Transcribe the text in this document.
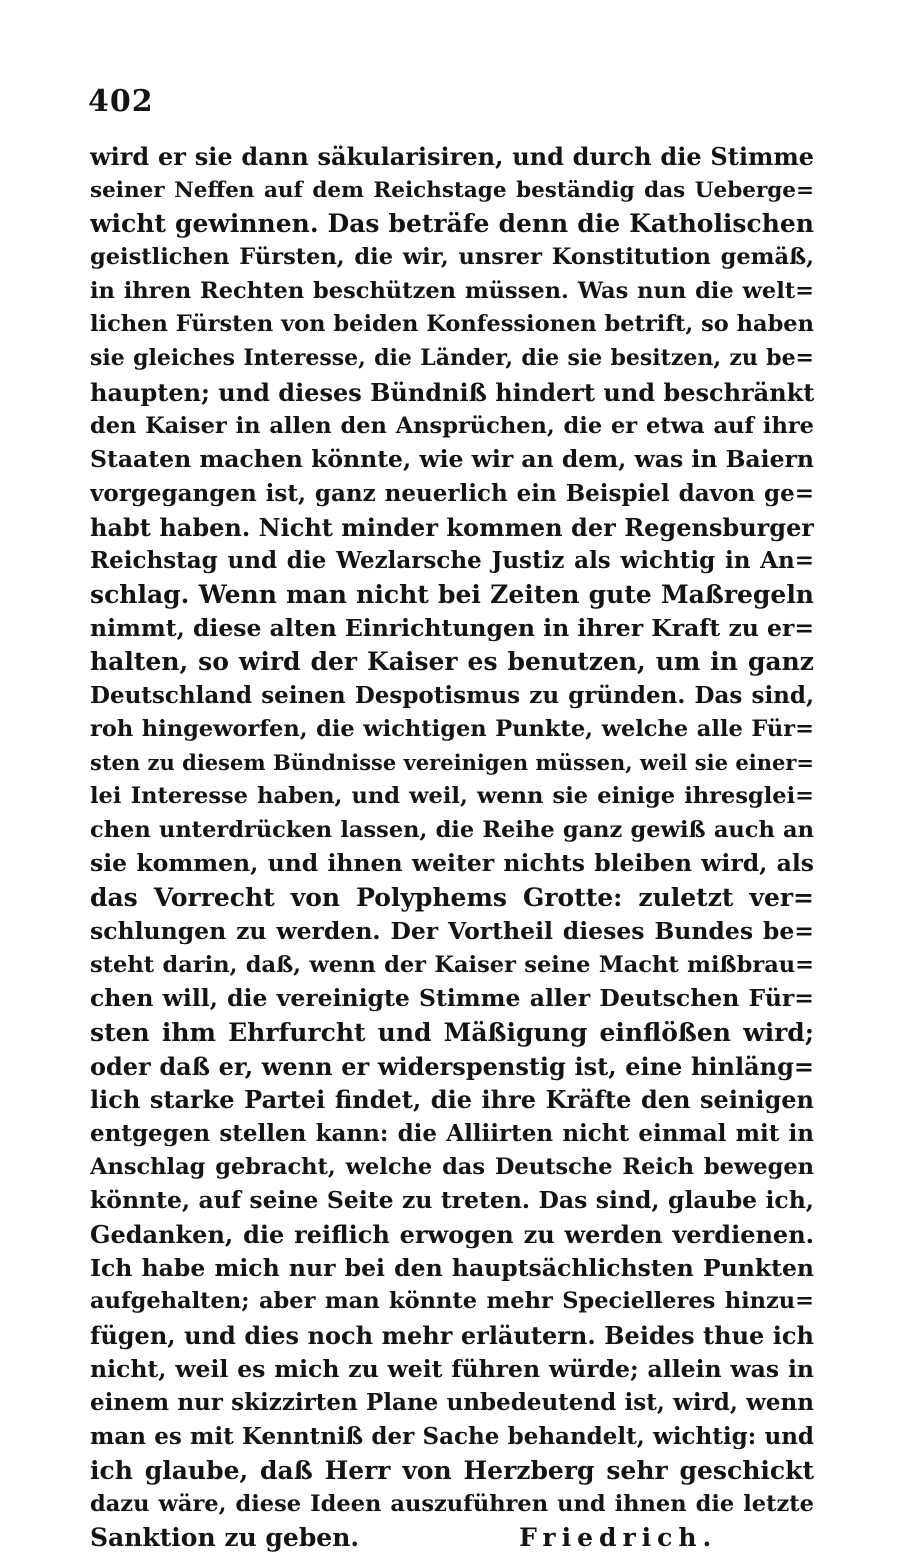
402
wird er sie dann säkularisiren, und durch die Stimme
seiner Neffen auf dem Reichstage beständig das Ueberge=
wicht gewinnen. Das beträfe denn die Katholischen
geistlichen Fürsten, die wir, unsrer Konstitution gemäß,
in ihren Rechten beschützen müssen. Was nun die welt=
lichen Fürsten von beiden Konfessionen betrift, so haben
sie gleiches Interesse, die Länder, die sie besitzen, zu be=
haupten; und dieses Bündniß hindert und beschränkt
den Kaiser in allen den Ansprüchen, die er etwa auf ihre
Staaten machen könnte, wie wir an dem, was in Baiern
vorgegangen ist, ganz neuerlich ein Beispiel davon ge=
habt haben. Nicht minder kommen der Regensburger
Reichstag und die Wezlarsche Justiz als wichtig in An=
schlag. Wenn man nicht bei Zeiten gute Maßregeln
nimmt, diese alten Einrichtungen in ihrer Kraft zu er=
halten, so wird der Kaiser es benutzen, um in ganz
Deutschland seinen Despotismus zu gründen. Das sind,
roh hingeworfen, die wichtigen Punkte, welche alle Für=
sten zu diesem Bündnisse vereinigen müssen, weil sie einer=
lei Interesse haben, und weil, wenn sie einige ihresglei=
chen unterdrücken lassen, die Reihe ganz gewiß auch an
sie kommen, und ihnen weiter nichts bleiben wird, als
das Vorrecht von Polyphems Grotte: zuletzt ver=
schlungen zu werden. Der Vortheil dieses Bundes be=
steht darin, daß, wenn der Kaiser seine Macht mißbrau=
chen will, die vereinigte Stimme aller Deutschen Für=
sten ihm Ehrfurcht und Mäßigung einflößen wird;
oder daß er, wenn er widerspenstig ist, eine hinläng=
lich starke Partei findet, die ihre Kräfte den seinigen
entgegen stellen kann: die Alliirten nicht einmal mit in
Anschlag gebracht, welche das Deutsche Reich bewegen
könnte, auf seine Seite zu treten. Das sind, glaube ich,
Gedanken, die reiflich erwogen zu werden verdienen.
Ich habe mich nur bei den hauptsächlichsten Punkten
aufgehalten; aber man könnte mehr Specielleres hinzu=
fügen, und dies noch mehr erläutern. Beides thue ich
nicht, weil es mich zu weit führen würde; allein was in
einem nur skizzirten Plane unbedeutend ist, wird, wenn
man es mit Kenntniß der Sache behandelt, wichtig: und
ich glaube, daß Herr von Herzberg sehr geschickt
dazu wäre, diese Ideen auszuführen und ihnen die letzte
Sanktion zu geben.	Friedrich.
